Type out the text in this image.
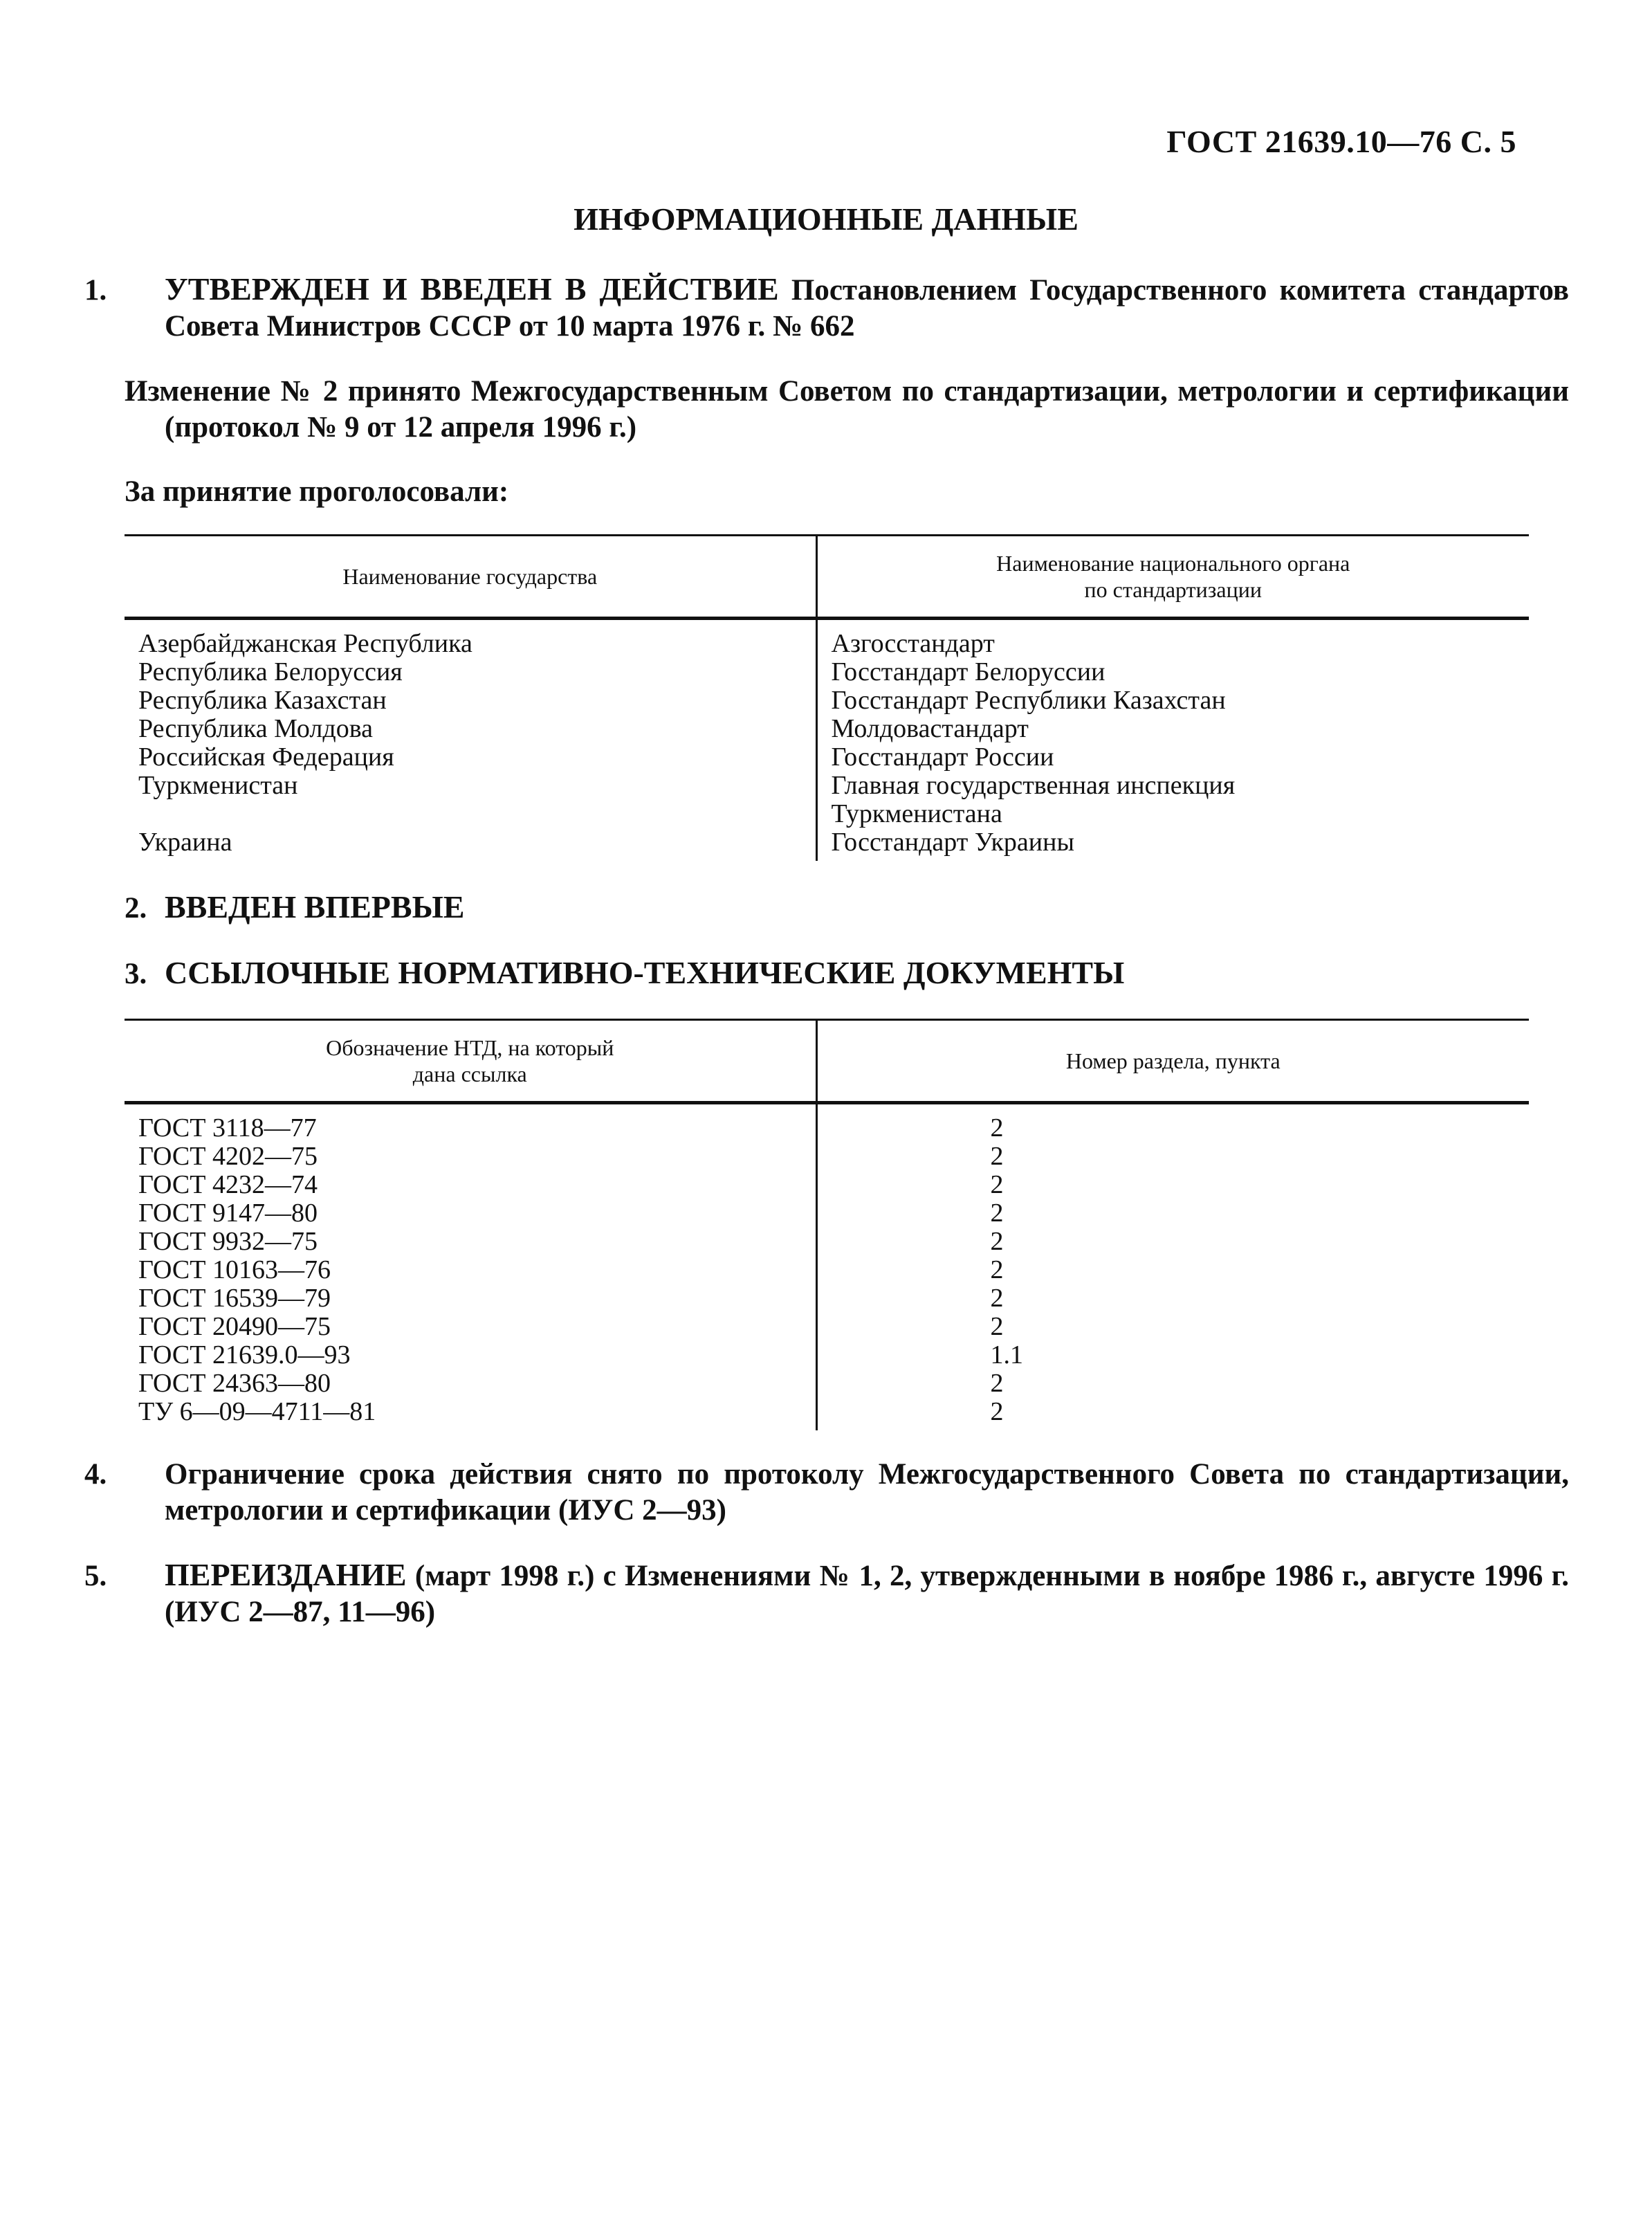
ГОСТ 21639.10—76 С. 5
ИНФОРМАЦИОННЫЕ ДАННЫЕ
1. УТВЕРЖДЕН И ВВЕДЕН В ДЕЙСТВИЕ Постановлением Государственного комитета стандартов Совета Министров СССР от 10 марта 1976 г. № 662
Изменение № 2 принято Межгосударственным Советом по стандартизации, метрологии и сертификации (протокол № 9 от 12 апреля 1996 г.)
За принятие проголосовали:
Наименование государства	Наименование национального органа
по стандартизации
Азербайджанская Республика	Азгосстандарт
Республика Белоруссия	Госстандарт Белоруссии
Республика Казахстан	Госстандарт Республики Казахстан
Республика Молдова	Молдовастандарт
Российская Федерация	Госстандарт России
Туркменистан	Главная государственная инспекция
	Туркменистана
Украина	Госстандарт Украины
2. ВВЕДЕН ВПЕРВЫЕ
3. ССЫЛОЧНЫЕ НОРМАТИВНО-ТЕХНИЧЕСКИЕ ДОКУМЕНТЫ
Обозначение НТД, на который
дана ссылка	Номер раздела, пункта
ГОСТ 3118—77	2
ГОСТ 4202—75	2
ГОСТ 4232—74	2
ГОСТ 9147—80	2
ГОСТ 9932—75	2
ГОСТ 10163—76	2
ГОСТ 16539—79	2
ГОСТ 20490—75	2
ГОСТ 21639.0—93	1.1
ГОСТ 24363—80	2
ТУ 6—09—4711—81	2
4. Ограничение срока действия снято по протоколу Межгосударственного Совета по стандартизации, метрологии и сертификации (ИУС 2—93)
5. ПЕРЕИЗДАНИЕ (март 1998 г.) с Изменениями № 1, 2, утвержденными в ноябре 1986 г., августе 1996 г. (ИУС 2—87, 11—96)
